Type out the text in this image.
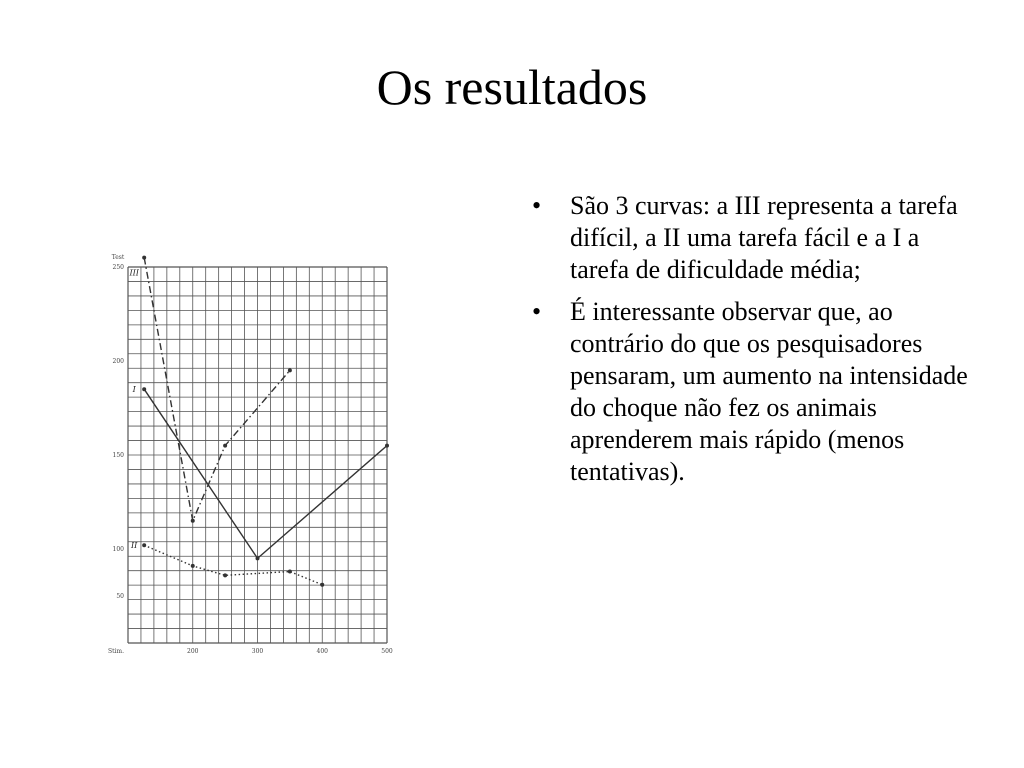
Os resultados
50
100
150
200
250
200	300	400	500
Test
Stim.
I
II
III
• São 3 curvas: a III representa a tarefa difícil, a II uma tarefa fácil e a I a tarefa de dificuldade média;
• É interessante observar que, ao contrário do que os pesquisadores pensaram, um aumento na intensidade do choque não fez os animais aprenderem mais rápido (menos tentativas).
